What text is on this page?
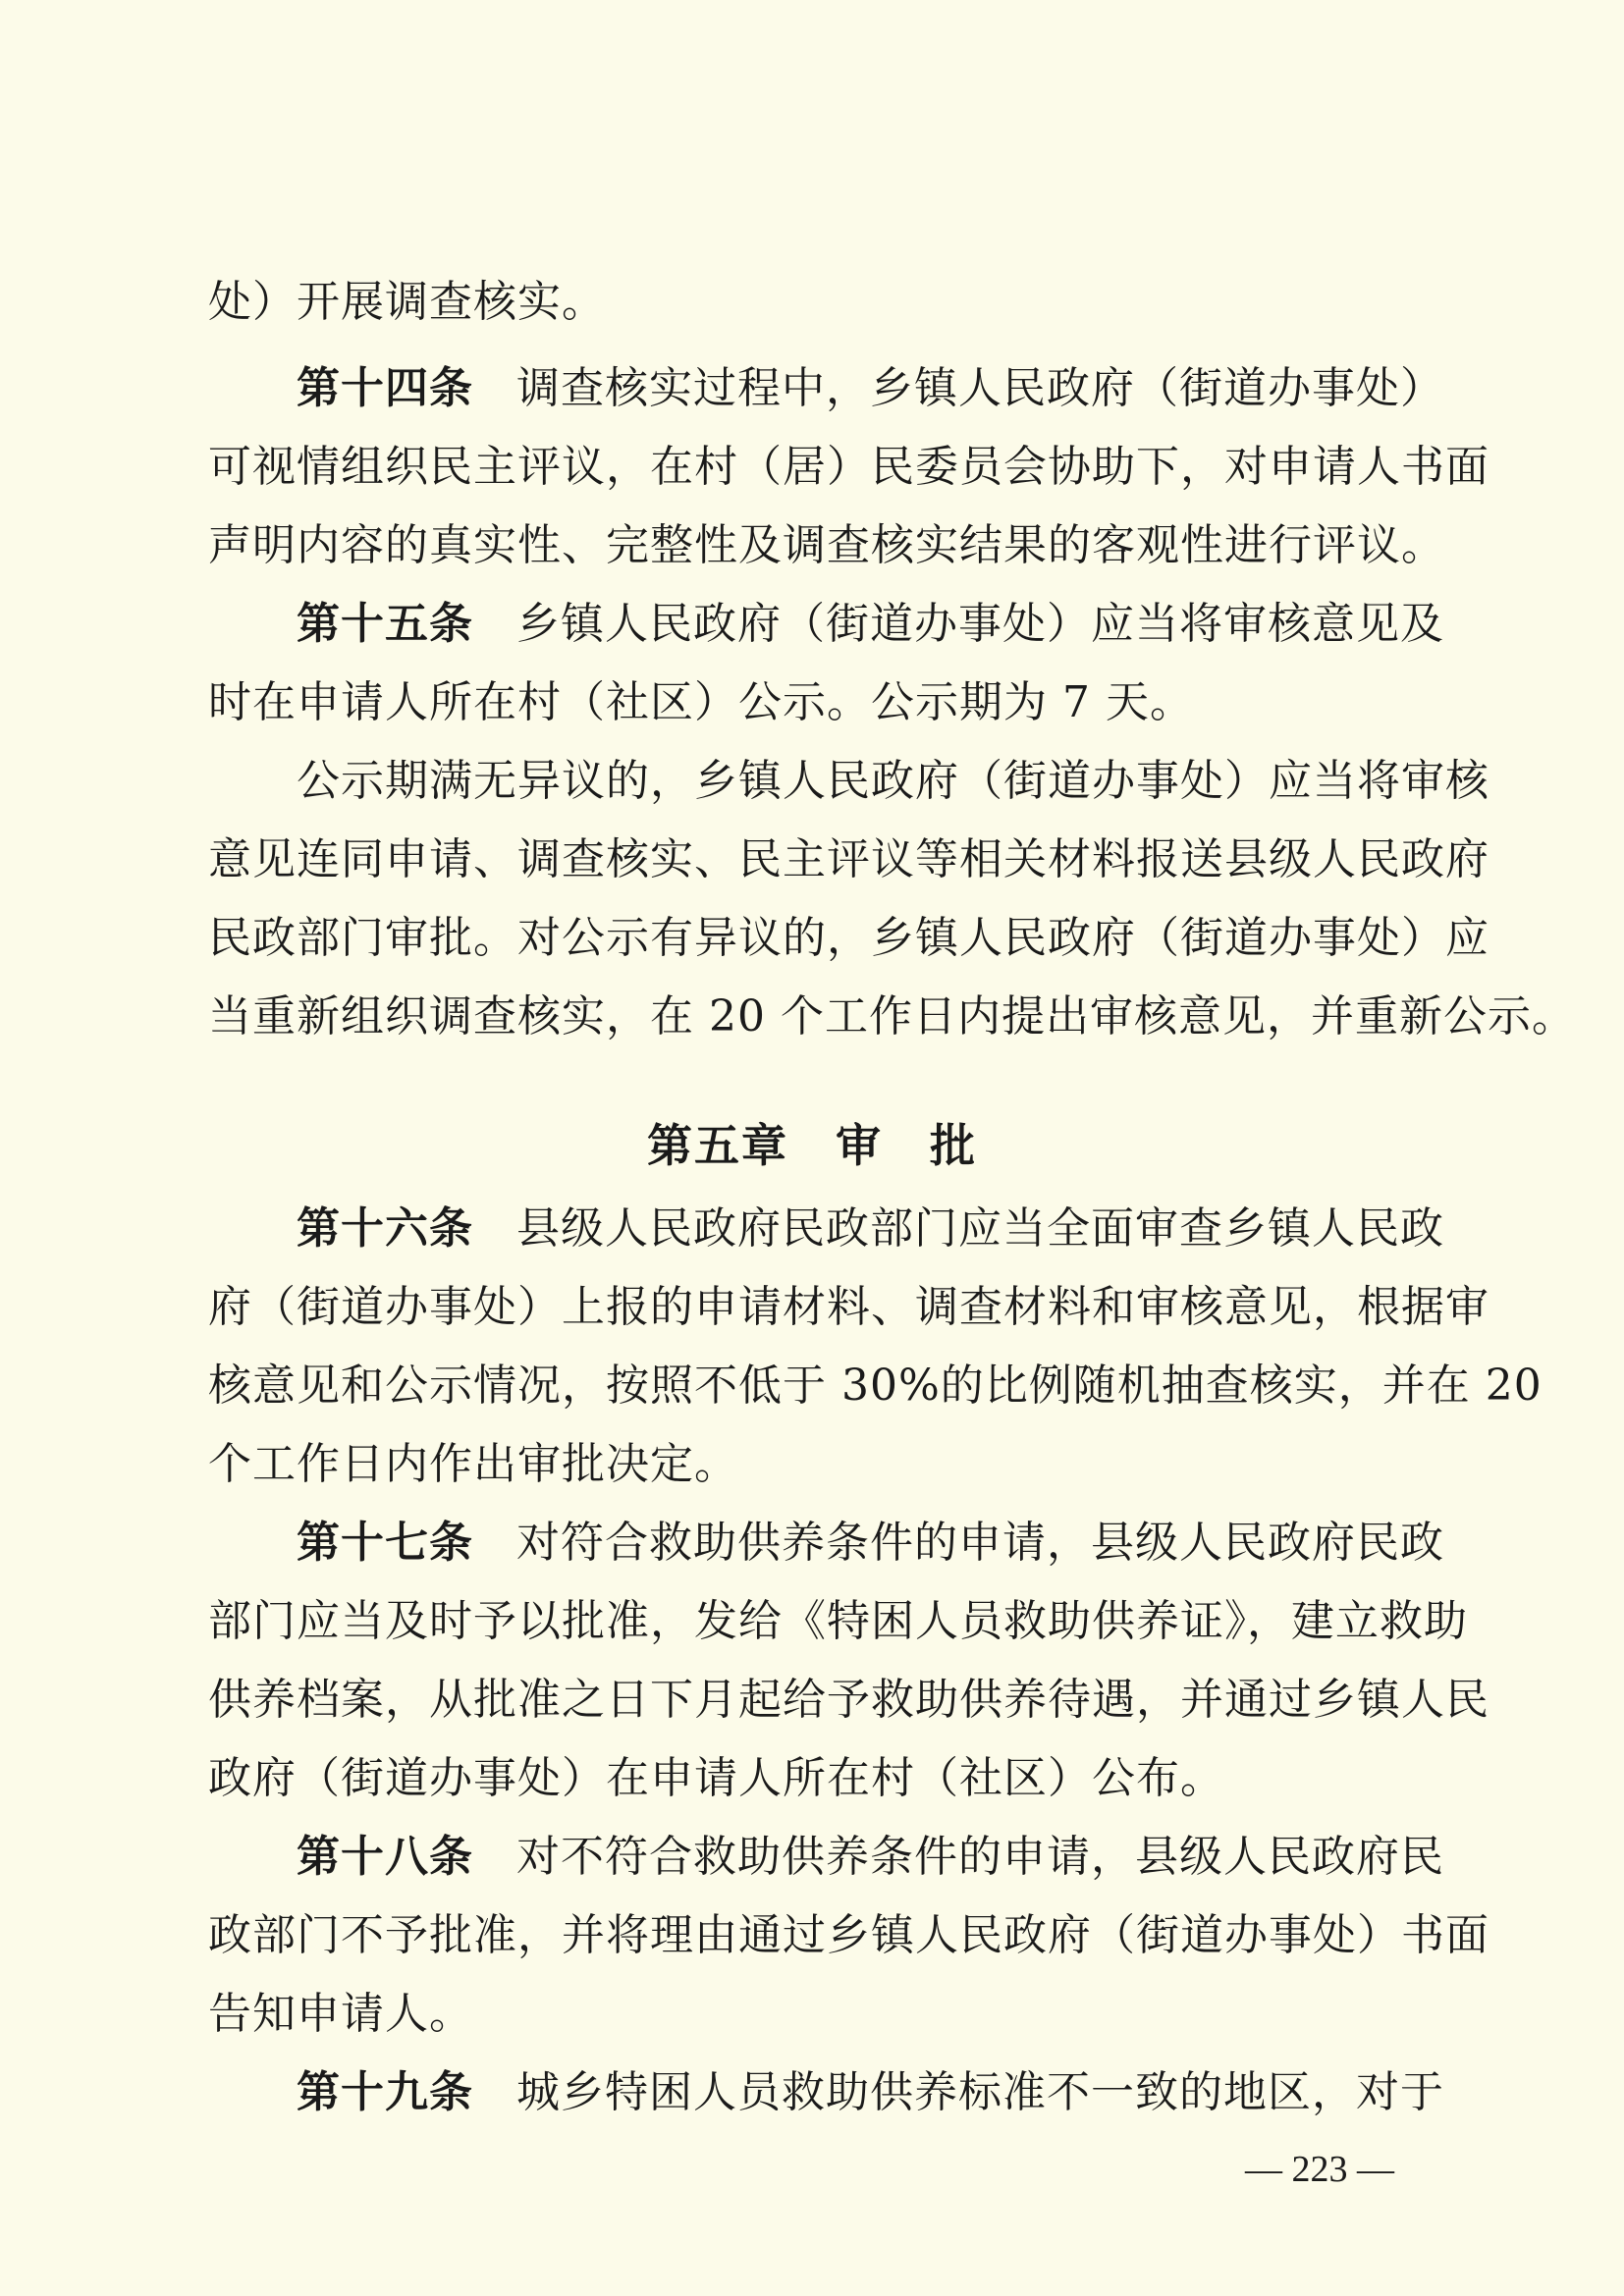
处）开展调查核实。
第十四条 调查核实过程中，乡镇人民政府（街道办事处）
可视情组织民主评议，在村（居）民委员会协助下，对申请人书面
声明内容的真实性、完整性及调查核实结果的客观性进行评议。
第十五条 乡镇人民政府（街道办事处）应当将审核意见及
时在申请人所在村（社区）公示。公示期为 7 天。
公示期满无异议的，乡镇人民政府（街道办事处）应当将审核
意见连同申请、调查核实、民主评议等相关材料报送县级人民政府
民政部门审批。对公示有异议的，乡镇人民政府（街道办事处）应
当重新组织调查核实，在 20 个工作日内提出审核意见，并重新公示。
第五章　审　批
第十六条 县级人民政府民政部门应当全面审查乡镇人民政
府（街道办事处）上报的申请材料、调查材料和审核意见，根据审
核意见和公示情况，按照不低于 30%的比例随机抽查核实，并在 20
个工作日内作出审批决定。
第十七条 对符合救助供养条件的申请，县级人民政府民政
部门应当及时予以批准，发给《特困人员救助供养证》，建立救助
供养档案，从批准之日下月起给予救助供养待遇，并通过乡镇人民
政府（街道办事处）在申请人所在村（社区）公布。
第十八条 对不符合救助供养条件的申请，县级人民政府民
政部门不予批准，并将理由通过乡镇人民政府（街道办事处）书面
告知申请人。
第十九条 城乡特困人员救助供养标准不一致的地区，对于
— 223 —
